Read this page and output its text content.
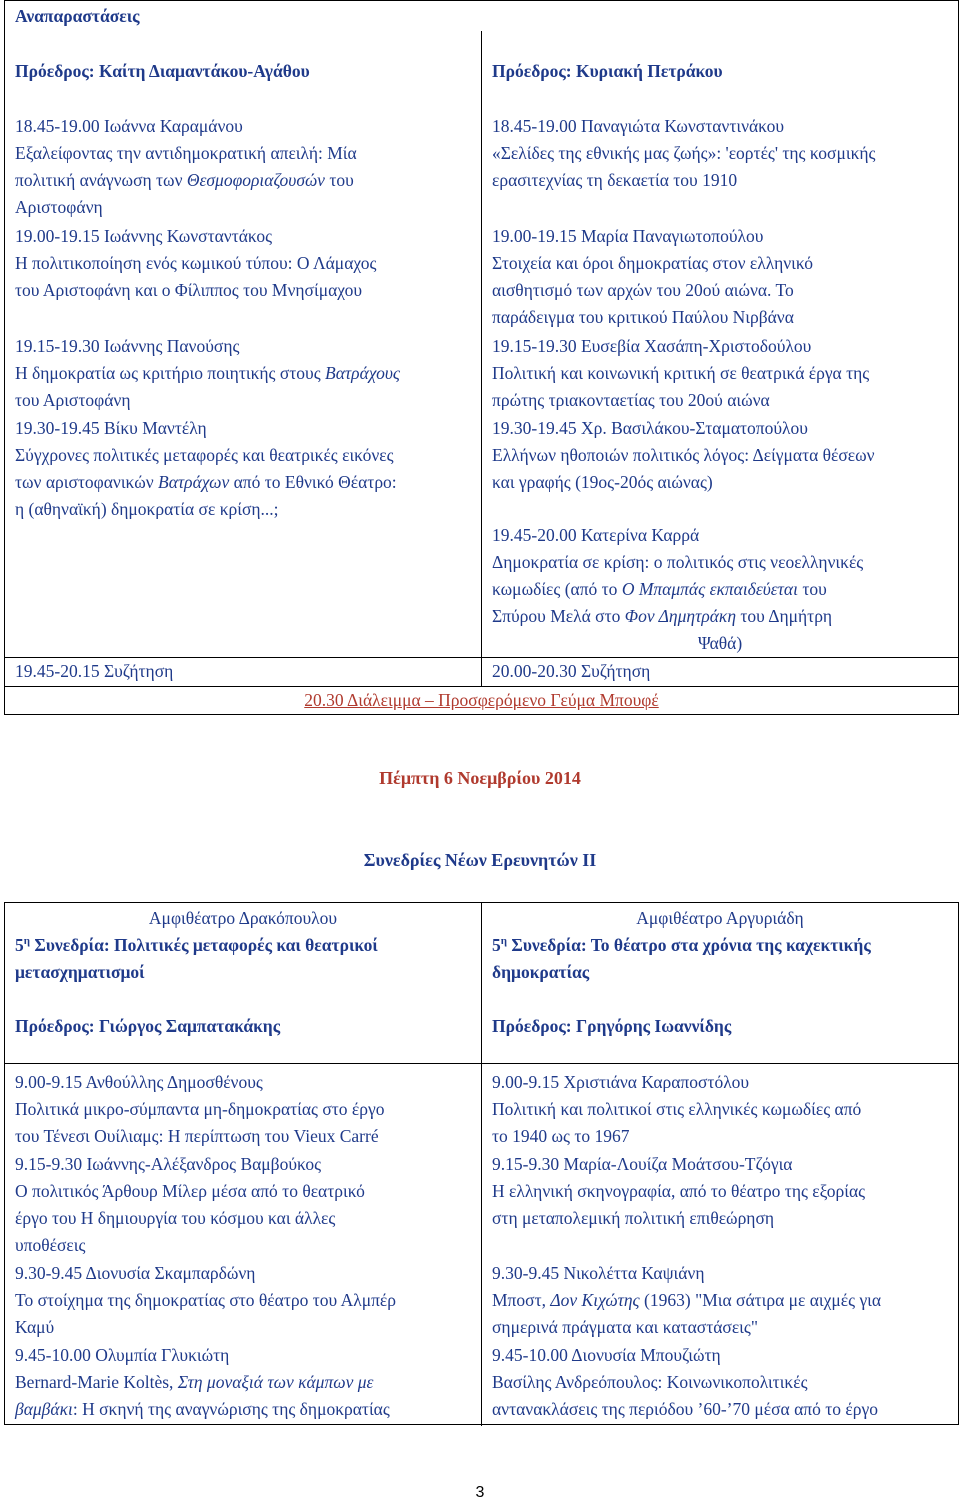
Αναπαραστάσεις
Πρόεδρος: Καίτη Διαμαντάκου-Αγάθου	Πρόεδρος: Κυριακή Πετράκου
18.45-19.00 Ιωάννα Καραμάνου
Εξαλείφοντας την αντιδημοκρατική απειλή: Μία
πολιτική ανάγνωση των Θεσμοφοριαζουσών του
Αριστοφάνη
19.00-19.15 Ιωάννης Κωνσταντάκος
Η πολιτικοποίηση ενός κωμικού τύπου: Ο Λάμαχος
του Αριστοφάνη και ο Φίλιππος του Μνησίμαχου
19.15-19.30 Ιωάννης Πανούσης
Η δημοκρατία ως κριτήριο ποιητικής στους Βατράχους
του Αριστοφάνη
19.30-19.45 Βίκυ Μαντέλη
Σύγχρονες πολιτικές μεταφορές και θεατρικές εικόνες
των αριστοφανικών Βατράχων από το Εθνικό Θέατρο:
η (αθηναϊκή) δημοκρατία σε κρίση...;
18.45-19.00 Παναγιώτα Κωνσταντινάκου
«Σελίδες της εθνικής μας ζωής»: 'εορτές' της κοσμικής
ερασιτεχνίας τη δεκαετία του 1910
19.00-19.15 Μαρία Παναγιωτοπούλου
Στοιχεία και όροι δημοκρατίας στον ελληνικό
αισθητισμό των αρχών του 20ού αιώνα. Το
παράδειγμα του κριτικού Παύλου Νιρβάνα
19.15-19.30 Ευσεβία Χασάπη-Χριστοδούλου
Πολιτική και κοινωνική κριτική σε θεατρικά έργα της
πρώτης τριακονταετίας του 20ού αιώνα
19.30-19.45 Χρ. Βασιλάκου-Σταματοπούλου
Ελλήνων ηθοποιών πολιτικός λόγος: Δείγματα θέσεων
και γραφής (19ος-20ός αιώνας)
19.45-20.00 Κατερίνα Καρρά
Δημοκρατία σε κρίση: ο πολιτικός στις νεοελληνικές
κωμωδίες (από το Ο Μπαμπάς εκπαιδεύεται του
Σπύρου Μελά στο Φον Δημητράκη του Δημήτρη

Ψαθά)
19.45-20.15 Συζήτηση	20.00-20.30 Συζήτηση
20.30 Διάλειμμα – Προσφερόμενο Γεύμα Μπουφέ
Πέμπτη 6 Νοεμβρίου 2014
Συνεδρίες Νέων Ερευνητών ΙΙ
Αμφιθέατρο Δρακόπουλου
$5^\eta$ Συνεδρία: Πολιτικές μεταφορές και θεατρικοί
μετασχηματισμοί
Πρόεδρος: Γιώργος Σαμπατακάκης
Αμφιθέατρο Αργυριάδη
$5^\eta$ Συνεδρία: Το θέατρο στα χρόνια της καχεκτικής
δημοκρατίας
Πρόεδρος: Γρηγόρης Ιωαννίδης
9.00-9.15 Ανθούλλης Δημοσθένους
Πολιτικά μικρο-σύμπαντα μη-δημοκρατίας στο έργο
του Τένεσι Ουίλιαμς: Η περίπτωση του Vieux Carré
9.15-9.30 Ιωάννης-Αλέξανδρος Βαμβούκος
Ο πολιτικός Άρθουρ Μίλερ μέσα από το θεατρικό
έργο του Η δημιουργία του κόσμου και άλλες
υποθέσεις
9.30-9.45 Διονυσία Σκαμπαρδώνη
Το στοίχημα της δημοκρατίας στο θέατρο του Αλμπέρ
Καμύ
9.45-10.00 Ολυμπία Γλυκιώτη
Bernard-Marie Koltès, Στη μοναξιά των κάμπων με
βαμβάκι: Η σκηνή της αναγνώρισης της δημοκρατίας
9.00-9.15 Χριστιάνα Καραποστόλου
Πολιτική και πολιτικοί στις ελληνικές κωμωδίες από
το 1940 ως το 1967
9.15-9.30 Μαρία-Λουίζα Μοάτσου-Τζόγια
Η ελληνική σκηνογραφία, από το θέατρο της εξορίας
στη μεταπολεμική πολιτική επιθεώρηση
9.30-9.45 Νικολέττα Καψιάνη
Μποστ, Δον Κιχώτης (1963) "Μια σάτιρα με αιχμές για
σημερινά πράγματα και καταστάσεις"
9.45-10.00 Διονυσία Μπουζιώτη
Βασίλης Ανδρεόπουλος: Κοινωνικοπολιτικές
αντανακλάσεις της περιόδου ’60-’70 μέσα από το έργο
3
